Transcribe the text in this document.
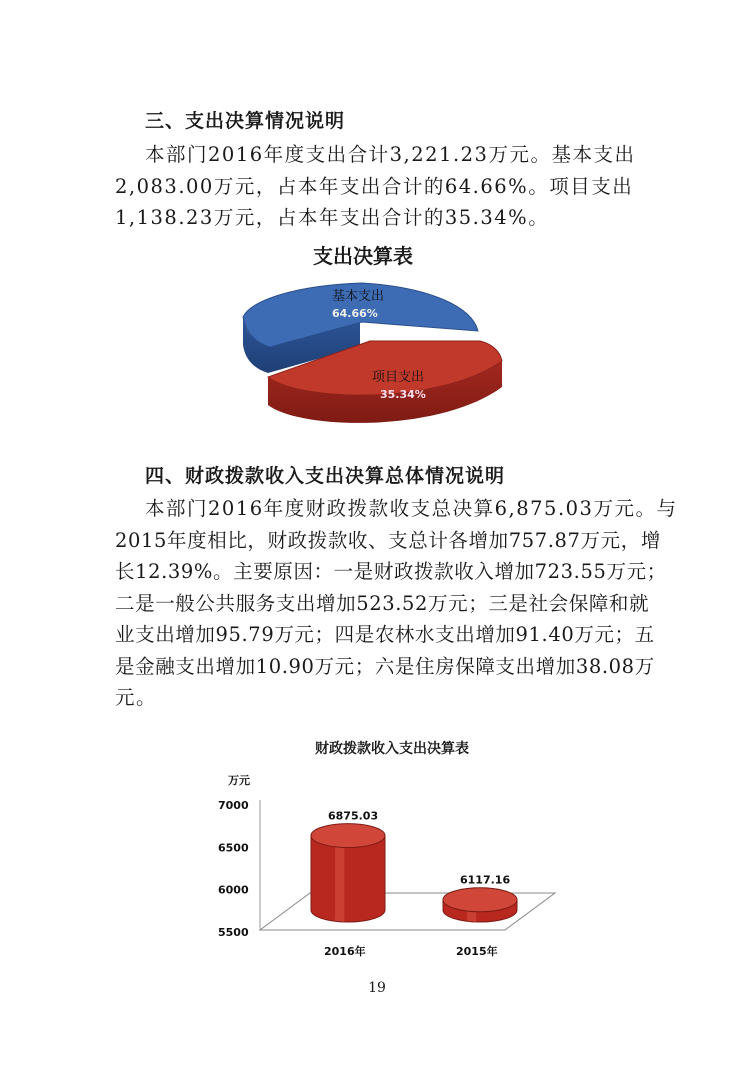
三、支出决算情况说明
本部门2016年度支出合计3,221.23万元。基本支出
2,083.00万元，占本年支出合计的64.66%。项目支出
1,138.23万元，占本年支出合计的35.34%。
支出决算表
基本支出
64.66%
项目支出
35.34%
四、财政拨款收入支出决算总体情况说明
本部门2016年度财政拨款收支总决算6,875.03万元。与
2015年度相比，财政拨款收、支总计各增加757.87万元，增
长12.39%。主要原因：一是财政拨款收入增加723.55万元；
二是一般公共服务支出增加523.52万元；三是社会保障和就
业支出增加95.79万元；四是农林水支出增加91.40万元；五
是金融支出增加10.90万元；六是住房保障支出增加38.08万
元。
财政拨款收入支出决算表
万元
6875.03
2016年
6117.16
2015年
7000
6500
6000
5500
19
